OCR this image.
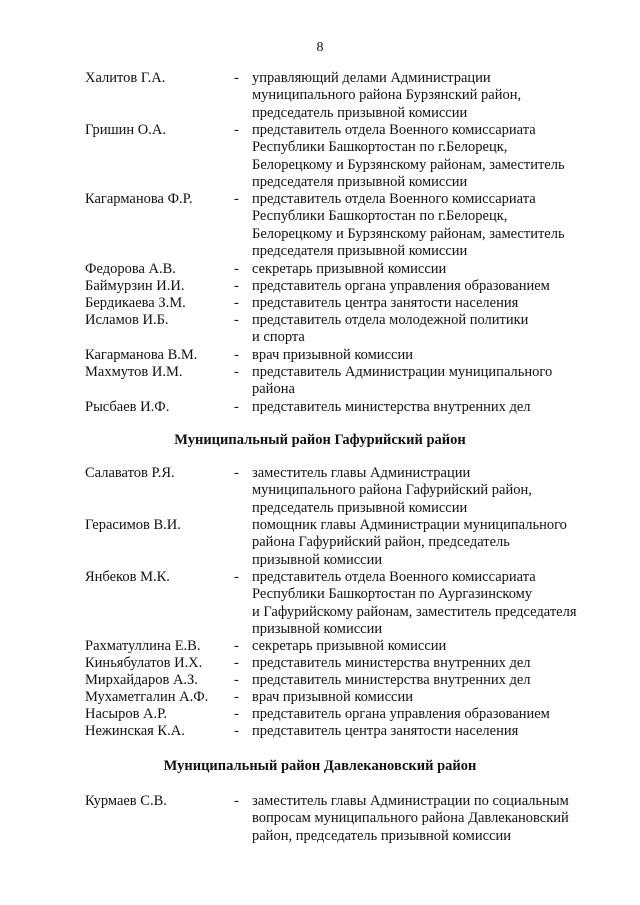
8
Халитов Г.А.	- управляющий делами Администрации
муниципального района Бурзянский район,
председатель призывной комиссии
Гришин О.А.	- представитель отдела Военного комиссариата
Республики Башкортостан по г.Белорецк,
Белорецкому и Бурзянскому районам, заместитель
председателя призывной комиссии
Кагарманова Ф.Р.	- представитель отдела Военного комиссариата
Республики Башкортостан по г.Белорецк,
Белорецкому и Бурзянскому районам, заместитель
председателя призывной комиссии
Федорова А.В.	- секретарь призывной комиссии
Баймурзин И.И.	- представитель органа управления образованием
Бердикаева З.М.	- представитель центра занятости населения
Исламов И.Б.	- представитель отдела молодежной политики
и спорта
Кагарманова В.М.	- врач призывной комиссии
Махмутов И.М.	- представитель Администрации муниципального
района
Рысбаев И.Ф.	- представитель министерства внутренних дел
Муниципальный район Гафурийский район
Салаватов Р.Я.	- заместитель главы Администрации
муниципального района Гафурийский район,
председатель призывной комиссии
Герасимов В.И.	помощник главы Администрации муниципального
района Гафурийский район, председатель
призывной комиссии
Янбеков М.К.	- представитель отдела Военного комиссариата
Республики Башкортостан по Аургазинскому
и Гафурийскому районам, заместитель председателя
призывной комиссии
Рахматуллина Е.В. - секретарь призывной комиссии
Киньябулатов И.Х. - представитель министерства внутренних дел
Мирхайдаров А.З. - представитель министерства внутренних дел
Мухаметгалин А.Ф. - врач призывной комиссии
Насыров А.Р.	- представитель органа управления образованием
Нежинская К.А.	- представитель центра занятости населения
Муниципальный район Давлекановский район
Курмаев С.В.	- заместитель главы Администрации по социальным
вопросам муниципального района Давлекановский
район, председатель призывной комиссии
